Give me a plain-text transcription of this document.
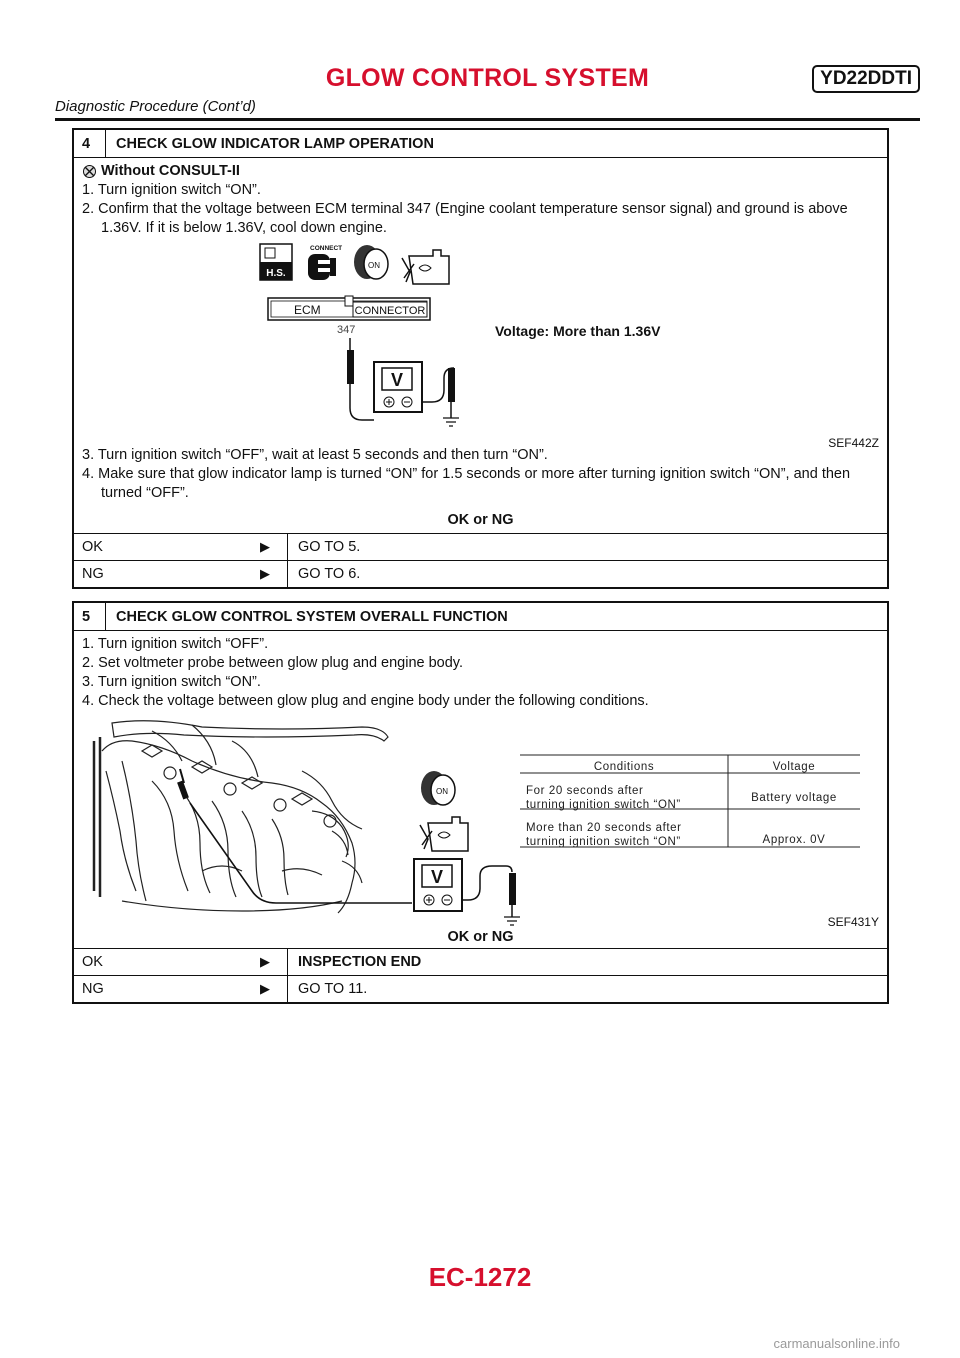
GLOW CONTROL SYSTEM	YD22DDTI
Diagnostic Procedure (Cont’d)
4	CHECK GLOW INDICATOR LAMP OPERATION
Without CONSULT-II

1. Turn ignition switch “ON”.

2. Confirm that the voltage between ECM terminal 347 (Engine coolant temperature sensor signal) and ground is above 1.36V. If it is below 1.36V, cool down engine.

H.S.
CONNECT
ON
ECM	CONNECTOR
347
V
Voltage: More than 1.36V
SEF442Z

3. Turn ignition switch “OFF”, wait at least 5 seconds and then turn “ON”.

4. Make sure that glow indicator lamp is turned “ON” for 1.5 seconds or more after turning ignition switch “ON”, and then turned “OFF”.

OK or NG
OK	▶	GO TO 5.
NG	▶	GO TO 6.
5	CHECK GLOW CONTROL SYSTEM OVERALL FUNCTION

1. Turn ignition switch “OFF”.

2. Set voltmeter probe between glow plug and engine body.

3. Turn ignition switch “ON”.

4. Check the voltage between glow plug and engine body under the following conditions.

ON
V
Conditions	Voltage

For 20 seconds after
turning ignition switch “ON”	Battery voltage

More than 20 seconds after
turning ignition switch “ON”	Approx. 0V
SEF431Y
OK or NG
OK	▶	INSPECTION END
NG	▶	GO TO 11.
EC-1272
carmanualsonline.info
